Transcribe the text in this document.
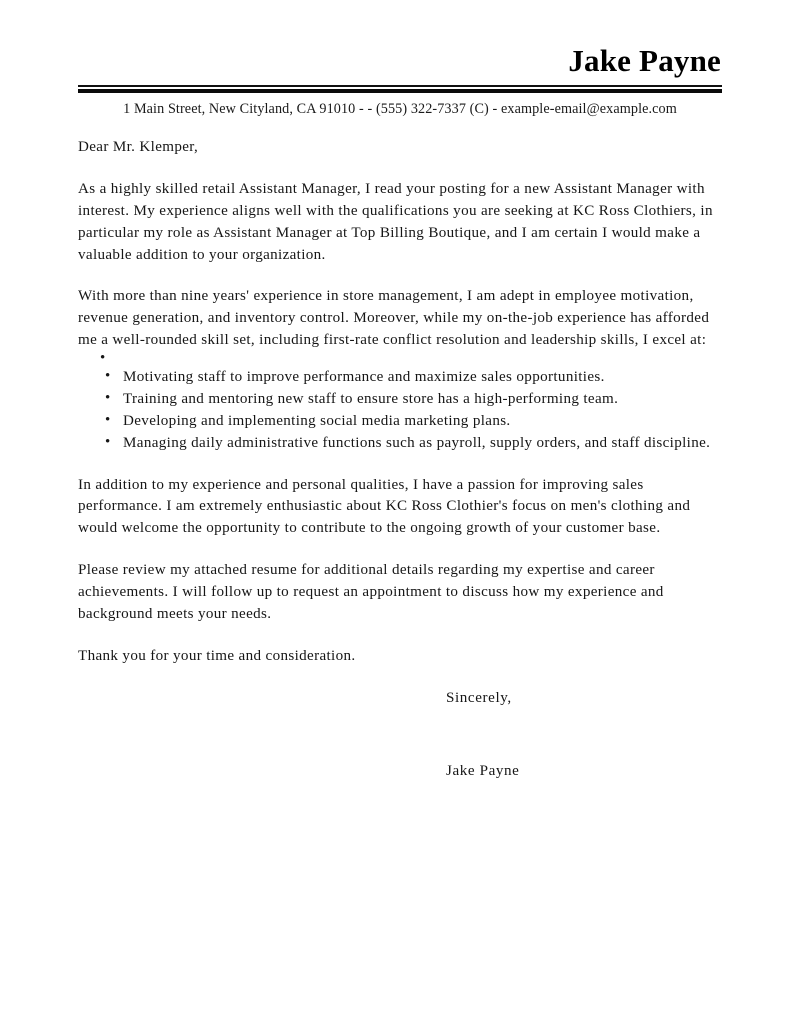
Jake Payne
1 Main Street, New Cityland, CA 91010 - - (555) 322-7337 (C) - example-email@example.com

Dear Mr. Klemper,

As a highly skilled retail Assistant Manager, I read your posting for a new Assistant Manager with interest. My experience aligns well with the qualifications you are seeking at KC Ross Clothiers, in particular my role as Assistant Manager at Top Billing Boutique, and I am certain I would make a valuable addition to your organization.

With more than nine years' experience in store management, I am adept in employee motivation, revenue generation, and inventory control. Moreover, while my on-the-job experience has afforded me a well-rounded skill set, including first-rate conflict resolution and leadership skills, I excel at:

•
• Motivating staff to improve performance and maximize sales opportunities.
• Training and mentoring new staff to ensure store has a high-performing team.
• Developing and implementing social media marketing plans.
• Managing daily administrative functions such as payroll, supply orders, and staff discipline.

In addition to my experience and personal qualities, I have a passion for improving sales performance. I am extremely enthusiastic about KC Ross Clothier's focus on men's clothing and would welcome the opportunity to contribute to the ongoing growth of your customer base.

Please review my attached resume for additional details regarding my expertise and career achievements. I will follow up to request an appointment to discuss how my experience and background meets your needs.

Thank you for your time and consideration.

Sincerely,

Jake Payne
